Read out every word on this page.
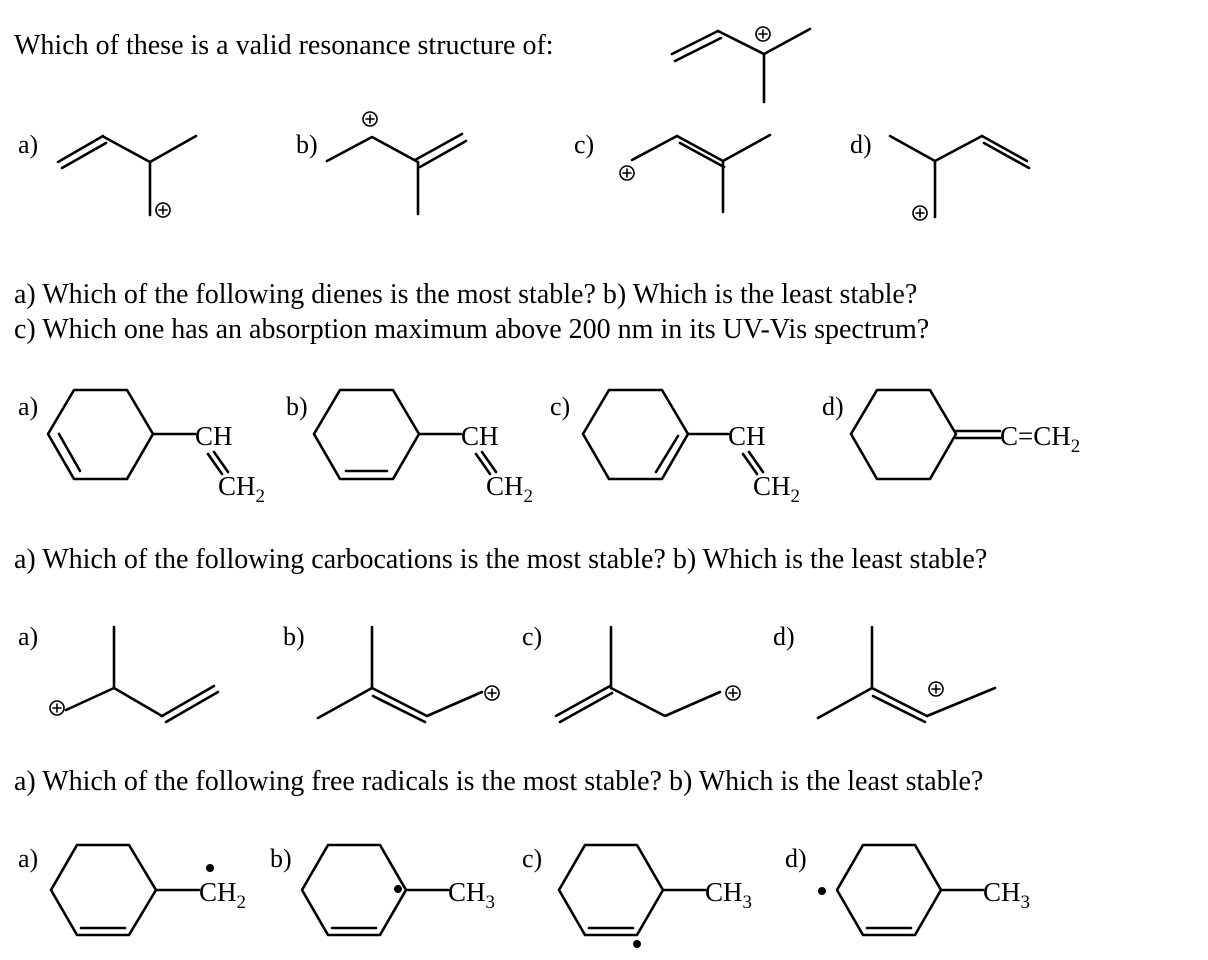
Which of these is a valid resonance structure of:
a) Which of the following dienes is the most stable? b) Which is the least stable?
c) Which one has an absorption maximum above 200 nm in its UV-Vis spectrum?
a) Which of the following carbocations is the most stable? b) Which is the least stable?
a) Which of the following free radicals is the most stable? b) Which is the least stable?
a)	b)	c)	d)
a)	b)	c)	d)
a)	b)	c)	d)
a)	b)	c)	d)
CH
$CH_2$
CH
$CH_2$
CH
$CH_2$
$C=CH_2$
$CH_2$	$CH_3$	$CH_3$	$CH_3$
